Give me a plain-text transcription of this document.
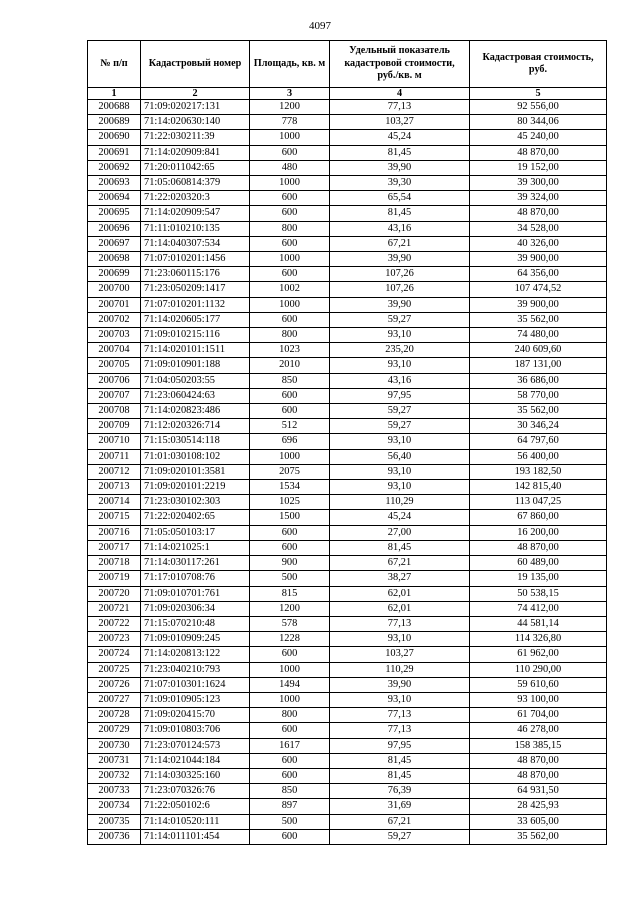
4097
№ п/п	Кадастровый номер	Площадь, кв. м	Удельный показатель кадастровой стоимости, руб./кв. м	Кадастровая стоимость, руб.
1	2	3	4	5
200688	71:09:020217:131	1200	77,13	92 556,00
200689	71:14:020630:140	778	103,27	80 344,06
200690	71:22:030211:39	1000	45,24	45 240,00
200691	71:14:020909:841	600	81,45	48 870,00
200692	71:20:011042:65	480	39,90	19 152,00
200693	71:05:060814:379	1000	39,30	39 300,00
200694	71:22:020320:3	600	65,54	39 324,00
200695	71:14:020909:547	600	81,45	48 870,00
200696	71:11:010210:135	800	43,16	34 528,00
200697	71:14:040307:534	600	67,21	40 326,00
200698	71:07:010201:1456	1000	39,90	39 900,00
200699	71:23:060115:176	600	107,26	64 356,00
200700	71:23:050209:1417	1002	107,26	107 474,52
200701	71:07:010201:1132	1000	39,90	39 900,00
200702	71:14:020605:177	600	59,27	35 562,00
200703	71:09:010215:116	800	93,10	74 480,00
200704	71:14:020101:1511	1023	235,20	240 609,60
200705	71:09:010901:188	2010	93,10	187 131,00
200706	71:04:050203:55	850	43,16	36 686,00
200707	71:23:060424:63	600	97,95	58 770,00
200708	71:14:020823:486	600	59,27	35 562,00
200709	71:12:020326:714	512	59,27	30 346,24
200710	71:15:030514:118	696	93,10	64 797,60
200711	71:01:030108:102	1000	56,40	56 400,00
200712	71:09:020101:3581	2075	93,10	193 182,50
200713	71:09:020101:2219	1534	93,10	142 815,40
200714	71:23:030102:303	1025	110,29	113 047,25
200715	71:22:020402:65	1500	45,24	67 860,00
200716	71:05:050103:17	600	27,00	16 200,00
200717	71:14:021025:1	600	81,45	48 870,00
200718	71:14:030117:261	900	67,21	60 489,00
200719	71:17:010708:76	500	38,27	19 135,00
200720	71:09:010701:761	815	62,01	50 538,15
200721	71:09:020306:34	1200	62,01	74 412,00
200722	71:15:070210:48	578	77,13	44 581,14
200723	71:09:010909:245	1228	93,10	114 326,80
200724	71:14:020813:122	600	103,27	61 962,00
200725	71:23:040210:793	1000	110,29	110 290,00
200726	71:07:010301:1624	1494	39,90	59 610,60
200727	71:09:010905:123	1000	93,10	93 100,00
200728	71:09:020415:70	800	77,13	61 704,00
200729	71:09:010803:706	600	77,13	46 278,00
200730	71:23:070124:573	1617	97,95	158 385,15
200731	71:14:021044:184	600	81,45	48 870,00
200732	71:14:030325:160	600	81,45	48 870,00
200733	71:23:070326:76	850	76,39	64 931,50
200734	71:22:050102:6	897	31,69	28 425,93
200735	71:14:010520:111	500	67,21	33 605,00
200736	71:14:011101:454	600	59,27	35 562,00
